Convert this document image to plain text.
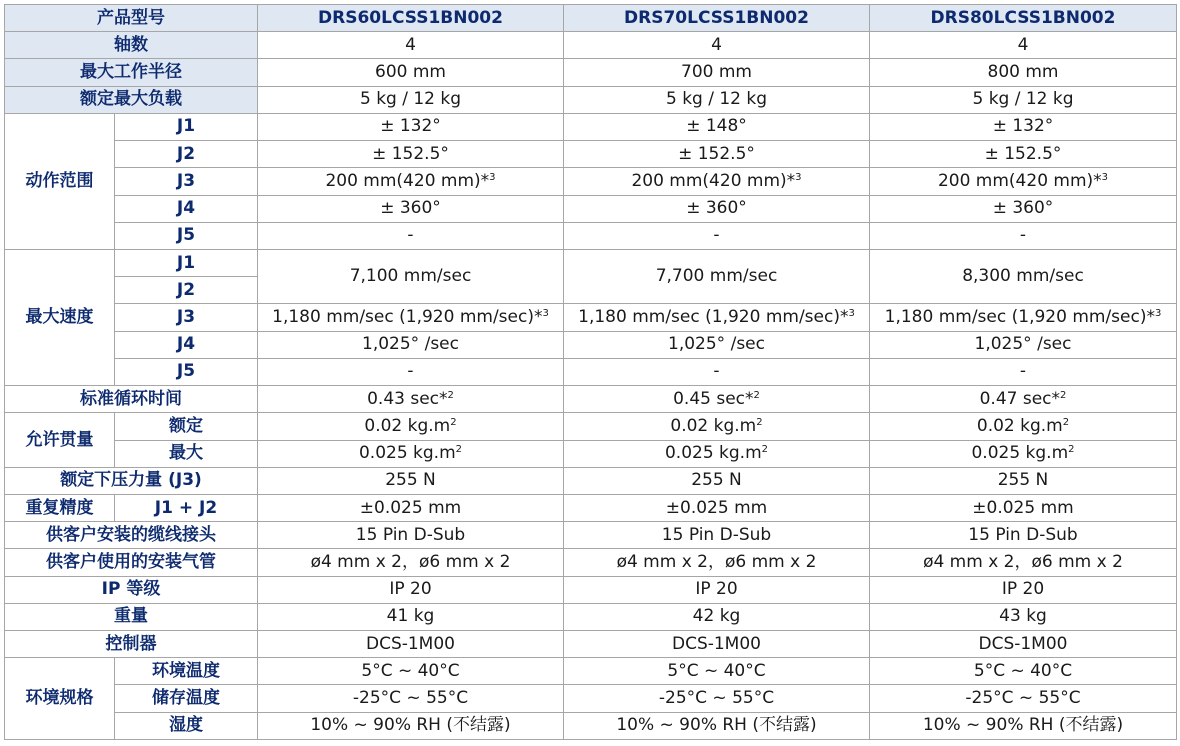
产品型号		DRS60LCSS1BN002	DRS70LCSS1BN002	DRS80LCSS1BN002
轴数		4	4	4
最大工作半径		600 mm	700 mm	800 mm
额定最大负载		5 kg / 12 kg	5 kg / 12 kg	5 kg / 12 kg
动作范围	J1	± 132°	± 148°	± 132°
	J2	± 152.5°	± 152.5°	± 152.5°
	J3	200 mm(420 mm)*$^3$	200 mm(420 mm)*$^3$	200 mm(420 mm)*$^3$
	J4	± 360°	± 360°	± 360°
	J5	-	-	-
最大速度	J1	7,100 mm/sec	7,700 mm/sec	8,300 mm/sec
	J2			
	J3	1,180 mm/sec (1,920 mm/sec)*$^3$	1,180 mm/sec (1,920 mm/sec)*$^3$	1,180 mm/sec (1,920 mm/sec)*$^3$
	J4	1,025° /sec	1,025° /sec	1,025° /sec
	J5	-	-	-
标准循环时间		0.43 sec*$^2$	0.45 sec*$^2$	0.47 sec*$^2$
允许贯量	额定	0.02 $kg.m^2$	0.02 $kg.m^2$	0.02 $kg.m^2$
	最大	0.025 $kg.m^2$	0.025 $kg.m^2$	0.025 $kg.m^2$
额定下压力量 (J3)		255 N	255 N	255 N
重复精度	J1 + J2	±0.025 mm	±0.025 mm	±0.025 mm
供客户安装的缆线接头		15 Pin D-Sub	15 Pin D-Sub	15 Pin D-Sub
供客户使用的安装气管		ø4 mm x 2，ø6 mm x 2	ø4 mm x 2，ø6 mm x 2	ø4 mm x 2，ø6 mm x 2
IP 等级		IP 20	IP 20	IP 20
重量		41 kg	42 kg	43 kg
控制器		DCS-1M00	DCS-1M00	DCS-1M00
环境规格	环境温度	5°C ~ 40°C	5°C ~ 40°C	5°C ~ 40°C
	储存温度	-25°C ~ 55°C	-25°C ~ 55°C	-25°C ~ 55°C
	湿度	10% ~ 90% RH (不结露)	10% ~ 90% RH (不结露)	10% ~ 90% RH (不结露)
